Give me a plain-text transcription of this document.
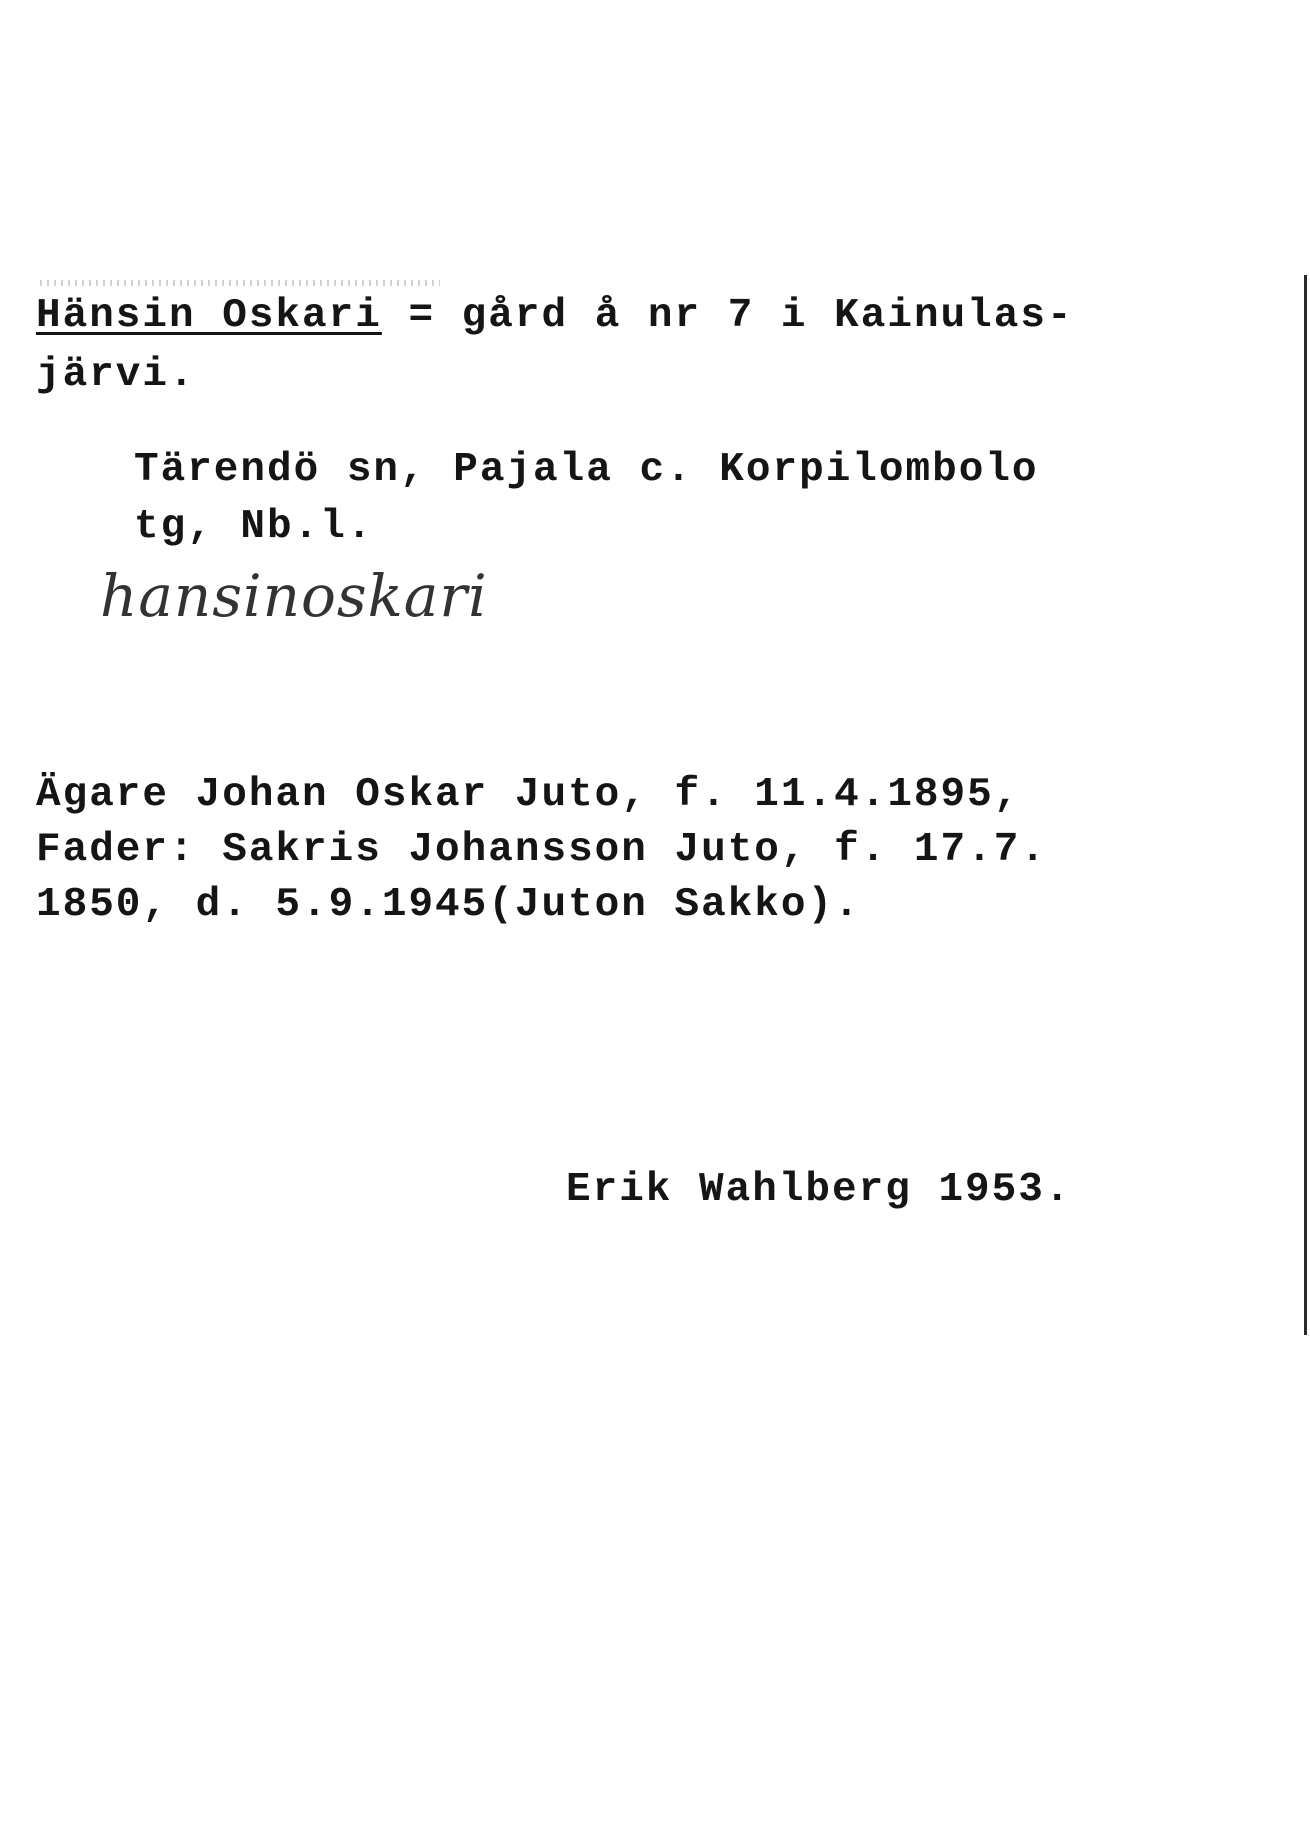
Hänsin Oskari = gård å nr 7 i Kainulas-
järvi.
Tärendö sn, Pajala c. Korpilombolo
tg, Nb.l.
hansinoskari
Ägare Johan Oskar Juto, f. 11.4.1895,
Fader: Sakris Johansson Juto, f. 17.7.
1850, d. 5.9.1945(Juton Sakko).
Erik Wahlberg 1953.
